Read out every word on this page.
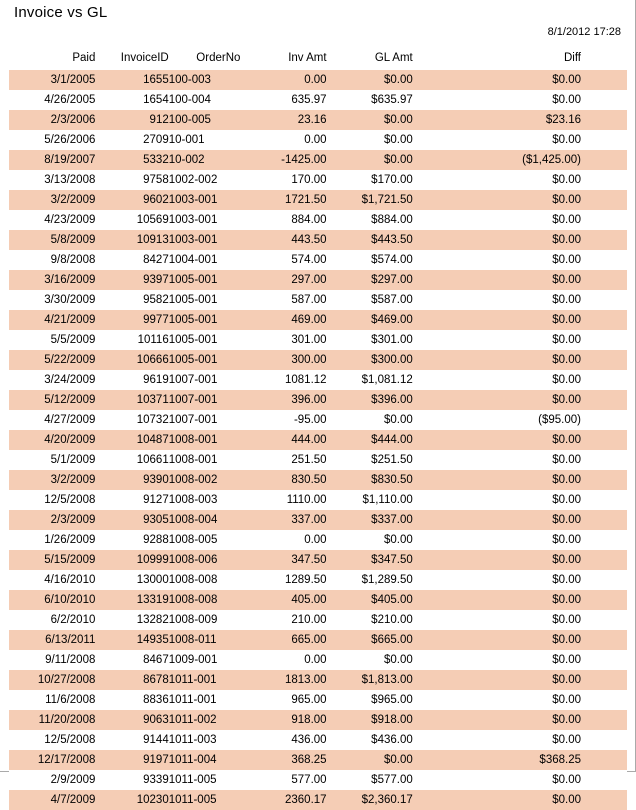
Invoice vs GL
8/1/2012 17:28
Paid	InvoiceID	OrderNo	Inv Amt	GL Amt	Diff
3/1/2005	1655	100-003	0.00	$0.00	$0.00
4/26/2005	1654	100-004	635.97	$635.97	$0.00
2/3/2006	912	100-005	23.16	$0.00	$23.16
5/26/2006	2709	10-001	0.00	$0.00	$0.00
8/19/2007	5332	10-002	-1425.00	$0.00	($1,425.00)
3/13/2008	9758	1002-002	170.00	$170.00	$0.00
3/2/2009	9602	1003-001	1721.50	$1,721.50	$0.00
4/23/2009	10569	1003-001	884.00	$884.00	$0.00
5/8/2009	10913	1003-001	443.50	$443.50	$0.00
9/8/2008	8427	1004-001	574.00	$574.00	$0.00
3/16/2009	9397	1005-001	297.00	$297.00	$0.00
3/30/2009	9582	1005-001	587.00	$587.00	$0.00
4/21/2009	9977	1005-001	469.00	$469.00	$0.00
5/5/2009	10116	1005-001	301.00	$301.00	$0.00
5/22/2009	10666	1005-001	300.00	$300.00	$0.00
3/24/2009	9619	1007-001	1081.12	$1,081.12	$0.00
5/12/2009	10371	1007-001	396.00	$396.00	$0.00
4/27/2009	10732	1007-001	-95.00	$0.00	($95.00)
4/20/2009	10487	1008-001	444.00	$444.00	$0.00
5/1/2009	10661	1008-001	251.50	$251.50	$0.00
3/2/2009	9390	1008-002	830.50	$830.50	$0.00
12/5/2008	9127	1008-003	1110.00	$1,110.00	$0.00
2/3/2009	9305	1008-004	337.00	$337.00	$0.00
1/26/2009	9288	1008-005	0.00	$0.00	$0.00
5/15/2009	10999	1008-006	347.50	$347.50	$0.00
4/16/2010	13000	1008-008	1289.50	$1,289.50	$0.00
6/10/2010	13319	1008-008	405.00	$405.00	$0.00
6/2/2010	13282	1008-009	210.00	$210.00	$0.00
6/13/2011	14935	1008-011	665.00	$665.00	$0.00
9/11/2008	8467	1009-001	0.00	$0.00	$0.00
10/27/2008	8678	1011-001	1813.00	$1,813.00	$0.00
11/6/2008	8836	1011-001	965.00	$965.00	$0.00
11/20/2008	9063	1011-002	918.00	$918.00	$0.00
12/5/2008	9144	1011-003	436.00	$436.00	$0.00
12/17/2008	9197	1011-004	368.25	$0.00	$368.25
2/9/2009	9339	1011-005	577.00	$577.00	$0.00
4/7/2009	10230	1011-005	2360.17	$2,360.17	$0.00
